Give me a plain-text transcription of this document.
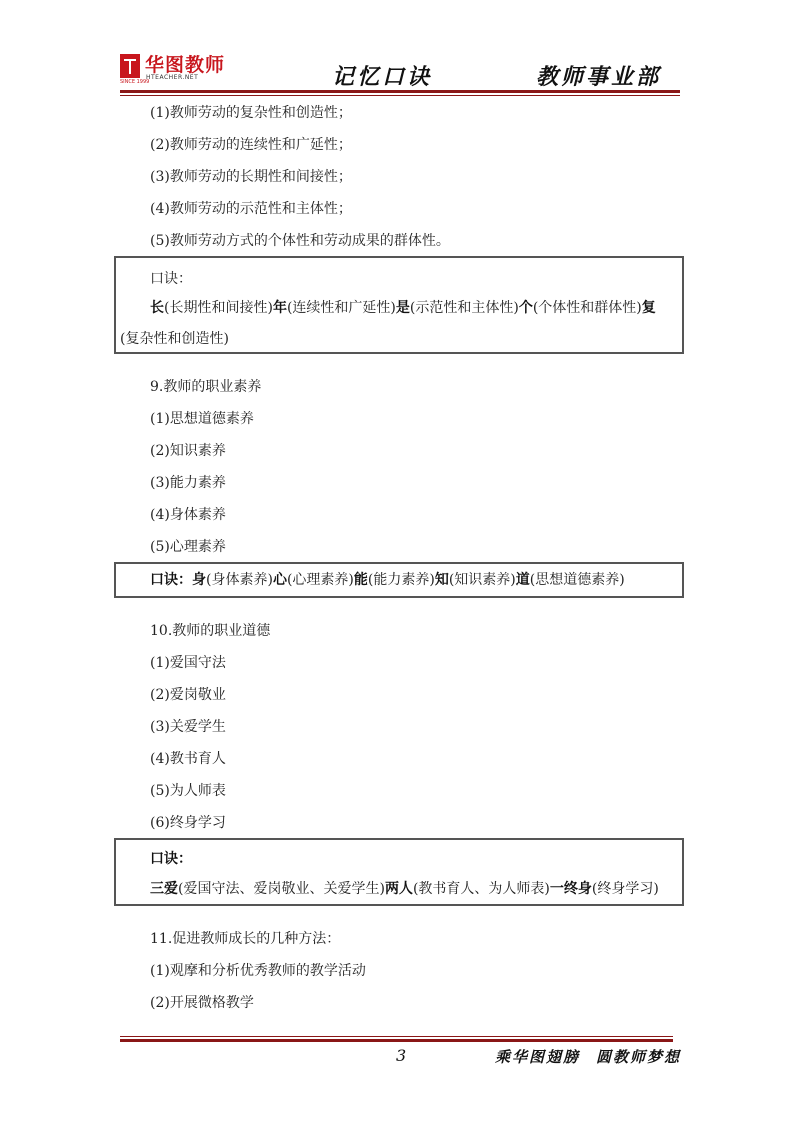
SINCE 1999
华图教师
HTEACHER.NET	记忆口诀	教师事业部
(1)教师劳动的复杂性和创造性；
(2)教师劳动的连续性和广延性；
(3)教师劳动的长期性和间接性；
(4)教师劳动的示范性和主体性；
(5)教师劳动方式的个体性和劳动成果的群体性。
口诀：
长(长期性和间接性)年(连续性和广延性)是(示范性和主体性)个(个体性和群体性)复
(复杂性和创造性)
9.教师的职业素养
(1)思想道德素养
(2)知识素养
(3)能力素养
(4)身体素养
(5)心理素养
口诀：身(身体素养)心(心理素养)能(能力素养)知(知识素养)道(思想道德素养)
10.教师的职业道德
(1)爱国守法
(2)爱岗敬业
(3)关爱学生
(4)教书育人
(5)为人师表
(6)终身学习
口诀：
三爱(爱国守法、爱岗敬业、关爱学生)两人(教书育人、为人师表)一终身(终身学习)
11.促进教师成长的几种方法：
(1)观摩和分析优秀教师的教学活动
(2)开展微格教学
3	乘华图翅膀 圆教师梦想
